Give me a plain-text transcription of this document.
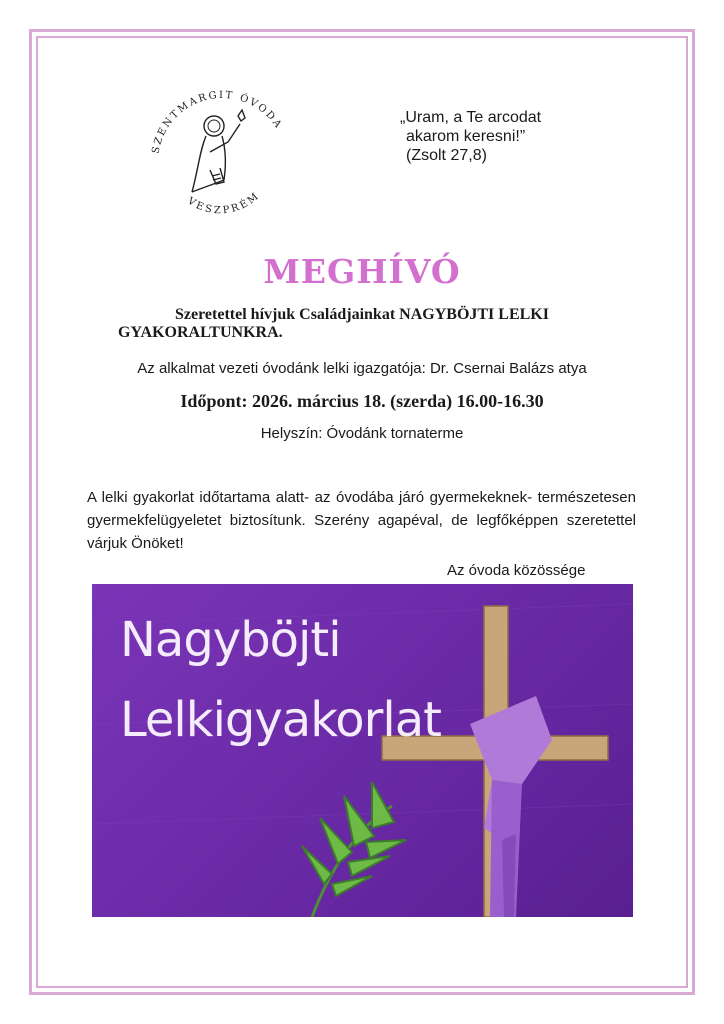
SZENTMARGIT ÓVODA
VESZPRÉM
„Uram, a Te arcodat
akarom keresni!”
(Zsolt 27,8)
MEGHÍVÓ
Szeretettel hívjuk Családjainkat NAGYBÖJTI LELKI
GYAKORALTUNKRA.
Az alkalmat vezeti óvodánk lelki igazgatója: Dr. Csernai Balázs atya
Időpont: 2026. március 18. (szerda) 16.00-16.30
Helyszín: Óvodánk tornaterme
A lelki gyakorlat időtartama alatt- az óvodába járó gyermekeknek- természetesen gyermekfelügyeletet biztosítunk. Szerény agapéval, de legfőképpen szeretettel várjuk Önöket!
Az óvoda közössége
Nagyböjti
Lelkigyakorlat
